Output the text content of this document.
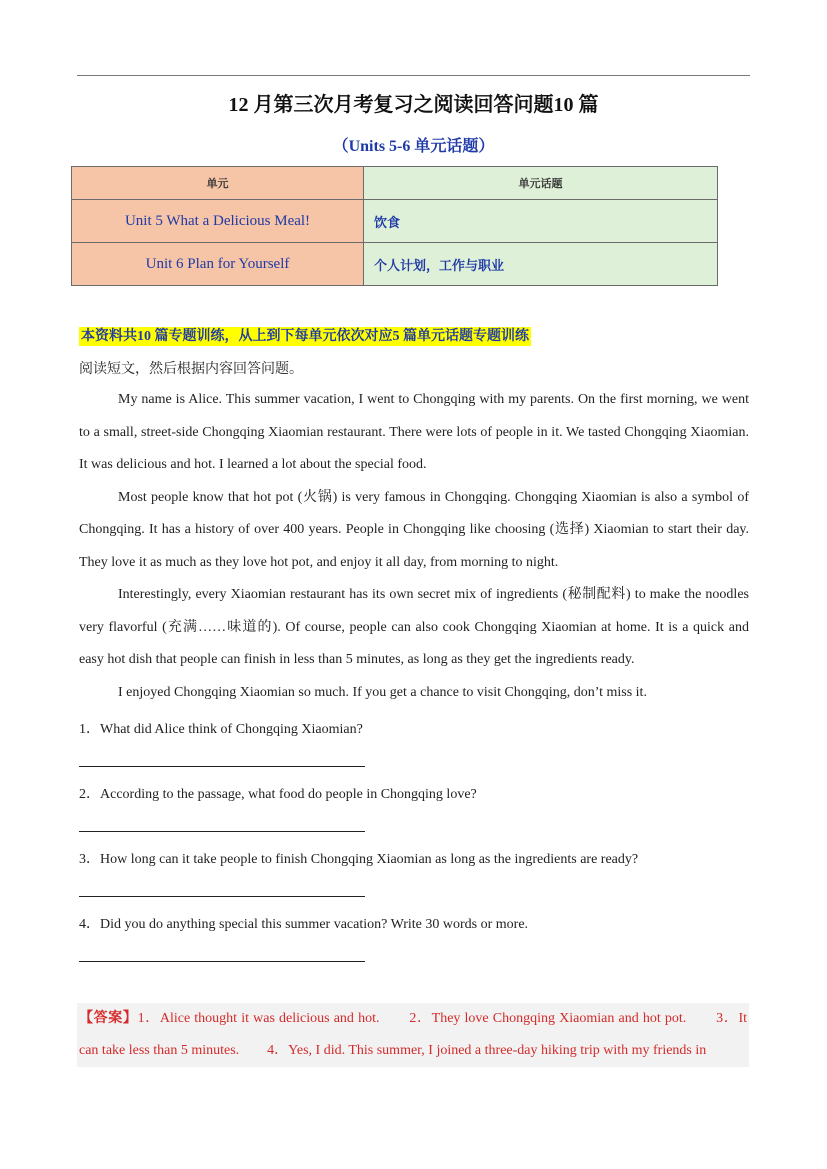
12 月第三次月考复习之阅读回答问题10 篇
（Units 5-6 单元话题）
单元	单元话题
Unit 5 What a Delicious Meal!	饮食
Unit 6 Plan for Yourself	个人计划，工作与职业
本资料共10 篇专题训练，从上到下每单元依次对应5 篇单元话题专题训练
阅读短文，然后根据内容回答问题。

My name is Alice. This summer vacation, I went to Chongqing with my parents. On the first morning, we went to a small, street-side Chongqing Xiaomian restaurant. There were lots of people in it. We tasted Chongqing Xiaomian. It was delicious and hot. I learned a lot about the special food.

Most people know that hot pot (火锅) is very famous in Chongqing. Chongqing Xiaomian is also a symbol of Chongqing. It has a history of over 400 years. People in Chongqing like choosing (选择) Xiaomian to start their day. They love it as much as they love hot pot, and enjoy it all day, from morning to night.

Interestingly, every Xiaomian restaurant has its own secret mix of ingredients (秘制配料) to make the noodles very flavorful (充满……味道的). Of course, people can also cook Chongqing Xiaomian at home. It is a quick and easy hot dish that people can finish in less than 5 minutes, as long as they get the ingredients ready.

I enjoyed Chongqing Xiaomian so much. If you get a chance to visit Chongqing, don’t miss it.

1．What did Alice think of Chongqing Xiaomian?
2．According to the passage, what food do people in Chongqing love?
3．How long can it take people to finish Chongqing Xiaomian as long as the ingredients are ready?
4．Did you do anything special this summer vacation? Write 30 words or more.
【答案】1．Alice thought it was delicious and hot.　　2．They love Chongqing Xiaomian and hot pot.　　3．It can take less than 5 minutes.　　4．Yes, I did. This summer, I joined a three-day hiking trip with my friends in
